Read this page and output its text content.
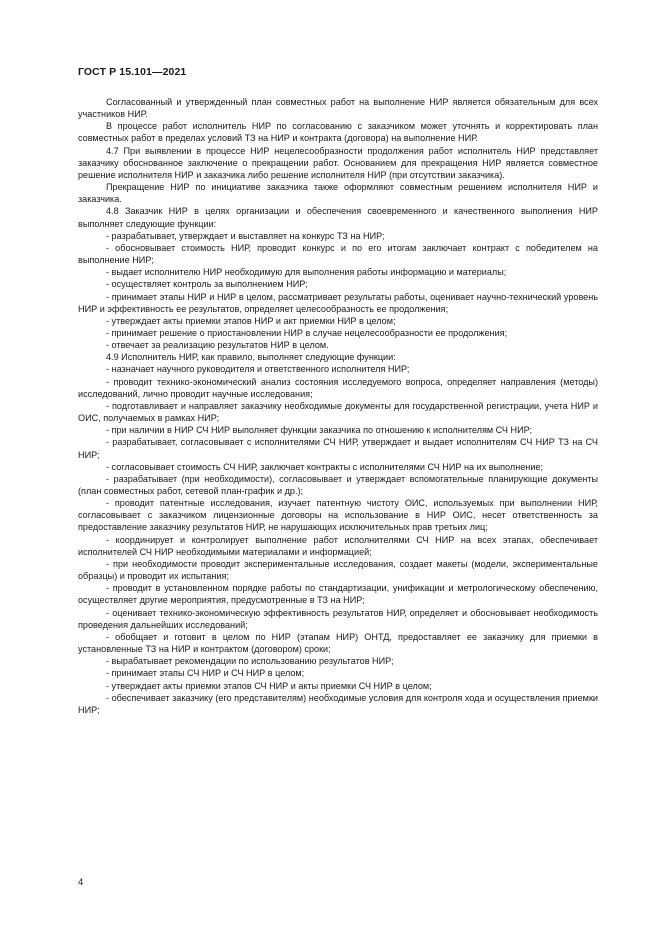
ГОСТ Р 15.101—2021

Согласованный и утвержденный план совместных работ на выполнение НИР является обязательным для всех участников НИР.

В процессе работ исполнитель НИР по согласованию с заказчиком может уточнять и корректировать план совместных работ в пределах условий ТЗ на НИР и контракта (договора) на выполнение НИР.

4.7 При выявлении в процессе НИР нецелесообразности продолжения работ исполнитель НИР представляет заказчику обоснованное заключение о прекращении работ. Основанием для прекращения НИР является совместное решение исполнителя НИР и заказчика либо решение исполнителя НИР (при отсутствии заказчика).

Прекращение НИР по инициативе заказчика также оформляют совместным решением исполнителя НИР и заказчика.

4.8 Заказчик НИР в целях организации и обеспечения своевременного и качественного выполнения НИР выполняет следующие функции:

- разрабатывает, утверждает и выставляет на конкурс ТЗ на НИР;

- обосновывает стоимость НИР, проводит конкурс и по его итогам заключает контракт с победителем на выполнение НИР;

- выдает исполнителю НИР необходимую для выполнения работы информацию и материалы;

- осуществляет контроль за выполнением НИР;

- принимает этапы НИР и НИР в целом, рассматривает результаты работы, оценивает научно-технический уровень НИР и эффективность ее результатов, определяет целесообразность ее продолжения;

- утверждает акты приемки этапов НИР и акт приемки НИР в целом;

- принимает решение о приостановлении НИР в случае нецелесообразности ее продолжения;

- отвечает за реализацию результатов НИР в целом.

4.9 Исполнитель НИР, как правило, выполняет следующие функции:

- назначает научного руководителя и ответственного исполнителя НИР;

- проводит технико-экономический анализ состояния исследуемого вопроса, определяет направления (методы) исследований, лично проводит научные исследования;

- подготавливает и направляет заказчику необходимые документы для государственной регистрации, учета НИР и ОИС, получаемых в рамках НИР;

- при наличии в НИР СЧ НИР выполняет функции заказчика по отношению к исполнителям СЧ НИР;

- разрабатывает, согласовывает с исполнителями СЧ НИР, утверждает и выдает исполнителям СЧ НИР ТЗ на СЧ НИР;

- согласовывает стоимость СЧ НИР, заключает контракты с исполнителями СЧ НИР на их выполнение;

- разрабатывает (при необходимости), согласовывает и утверждает вспомогательные планирующие документы (план совместных работ, сетевой план-график и др.);

- проводит патентные исследования, изучает патентную чистоту ОИС, используемых при выполнении НИР, согласовывает с заказчиком лицензионные договоры на использование в НИР ОИС, несет ответственность за предоставление заказчику результатов НИР, не нарушающих исключительных прав третьих лиц;

- координирует и контролирует выполнение работ исполнителями СЧ НИР на всех этапах, обеспечивает исполнителей СЧ НИР необходимыми материалами и информацией;

- при необходимости проводит экспериментальные исследования, создает макеты (модели, экспериментальные образцы) и проводит их испытания;

- проводит в установленном порядке работы по стандартизации, унификации и метрологическому обеспечению, осуществляет другие мероприятия, предусмотренные в ТЗ на НИР;

- оценивает технико-экономическую эффективность результатов НИР, определяет и обосновывает необходимость проведения дальнейших исследований;

- обобщает и готовит в целом по НИР (этапам НИР) ОНТД, предоставляет ее заказчику для приемки в установленные ТЗ на НИР и контрактом (договором) сроки;

- вырабатывает рекомендации по использованию результатов НИР;

- принимает этапы СЧ НИР и СЧ НИР в целом;

- утверждает акты приемки этапов СЧ НИР и акты приемки СЧ НИР в целом;

- обеспечивает заказчику (его представителям) необходимые условия для контроля хода и осуществления приемки НИР;

4
